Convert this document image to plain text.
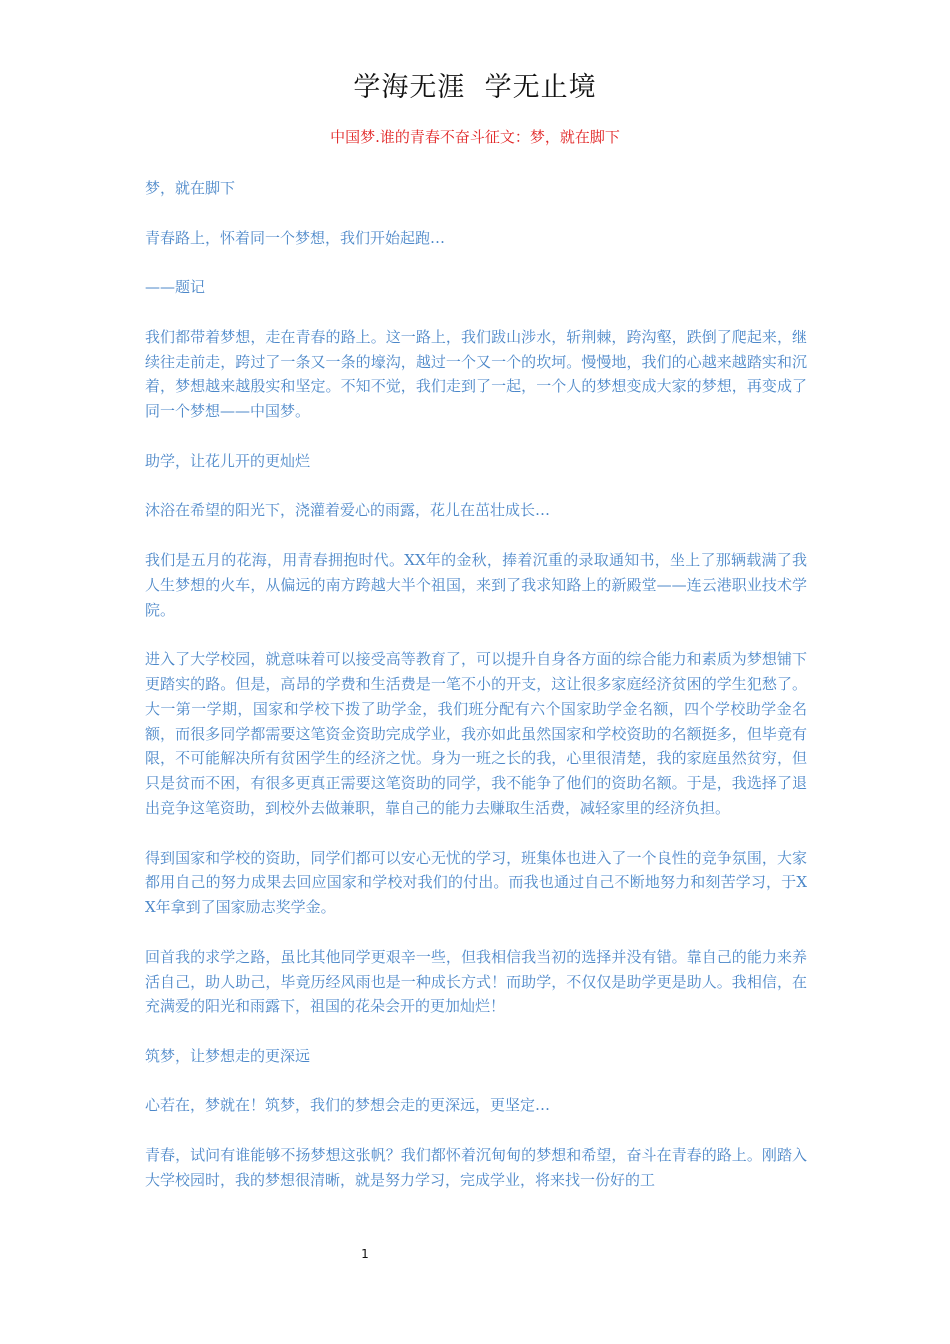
学海无涯  学无止境
中国梦.谁的青春不奋斗征文：梦，就在脚下

梦，就在脚下

青春路上，怀着同一个梦想，我们开始起跑…

——题记

我们都带着梦想，走在青春的路上。这一路上，我们跋山涉水，斩荆棘，跨沟壑，跌倒了爬起来，继续往走前走，跨过了一条又一条的壕沟，越过一个又一个的坎坷。慢慢地，我们的心越来越踏实和沉着，梦想越来越殷实和坚定。不知不觉，我们走到了一起，一个人的梦想变成大家的梦想，再变成了同一个梦想——中国梦。

助学，让花儿开的更灿烂

沐浴在希望的阳光下，浇灌着爱心的雨露，花儿在茁壮成长…

我们是五月的花海，用青春拥抱时代。XX年的金秋，捧着沉重的录取通知书，坐上了那辆载满了我人生梦想的火车，从偏远的南方跨越大半个祖国，来到了我求知路上的新殿堂——连云港职业技术学院。

进入了大学校园，就意味着可以接受高等教育了，可以提升自身各方面的综合能力和素质为梦想铺下更踏实的路。但是，高昂的学费和生活费是一笔不小的开支，这让很多家庭经济贫困的学生犯愁了。大一第一学期，国家和学校下拨了助学金，我们班分配有六个国家助学金名额，四个学校助学金名额，而很多同学都需要这笔资金资助完成学业，我亦如此虽然国家和学校资助的名额挺多，但毕竟有限，不可能解决所有贫困学生的经济之忧。身为一班之长的我，心里很清楚，我的家庭虽然贫穷，但只是贫而不困，有很多更真正需要这笔资助的同学，我不能争了他们的资助名额。于是，我选择了退出竞争这笔资助，到校外去做兼职，靠自己的能力去赚取生活费，减轻家里的经济负担。

得到国家和学校的资助，同学们都可以安心无忧的学习，班集体也进入了一个良性的竞争氛围，大家都用自己的努力成果去回应国家和学校对我们的付出。而我也通过自己不断地努力和刻苦学习，于XX年拿到了国家励志奖学金。

回首我的求学之路，虽比其他同学更艰辛一些，但我相信我当初的选择并没有错。靠自己的能力来养活自己，助人助己，毕竟历经风雨也是一种成长方式！而助学，不仅仅是助学更是助人。我相信，在充满爱的阳光和雨露下，祖国的花朵会开的更加灿烂！

筑梦，让梦想走的更深远

心若在，梦就在！筑梦，我们的梦想会走的更深远，更坚定…

青春，试问有谁能够不扬梦想这张帆？我们都怀着沉甸甸的梦想和希望，奋斗在青春的路上。刚踏入大学校园时，我的梦想很清晰，就是努力学习，完成学业，将来找一份好的工

1
